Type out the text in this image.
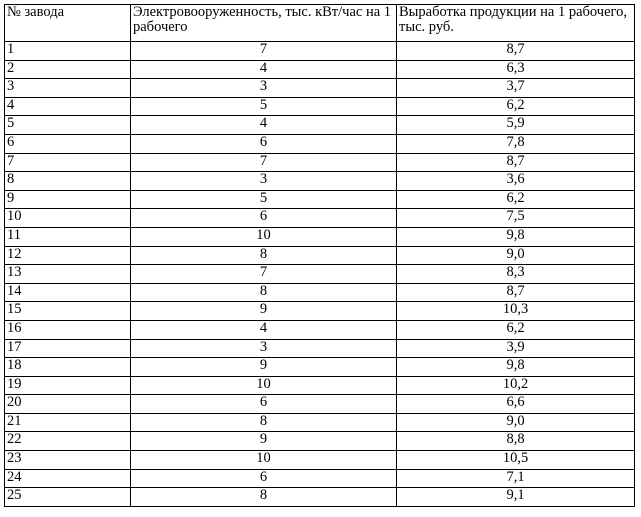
№ завода	Электровооруженность, тыс. кВт/час на 1 рабочего	Выработка продукции на 1 рабочего, тыс. руб.
1	7	8,7
2	4	6,3
3	3	3,7
4	5	6,2
5	4	5,9
6	6	7,8
7	7	8,7
8	3	3,6
9	5	6,2
10	6	7,5
11	10	9,8
12	8	9,0
13	7	8,3
14	8	8,7
15	9	10,3
16	4	6,2
17	3	3,9
18	9	9,8
19	10	10,2
20	6	6,6
21	8	9,0
22	9	8,8
23	10	10,5
24	6	7,1
25	8	9,1
